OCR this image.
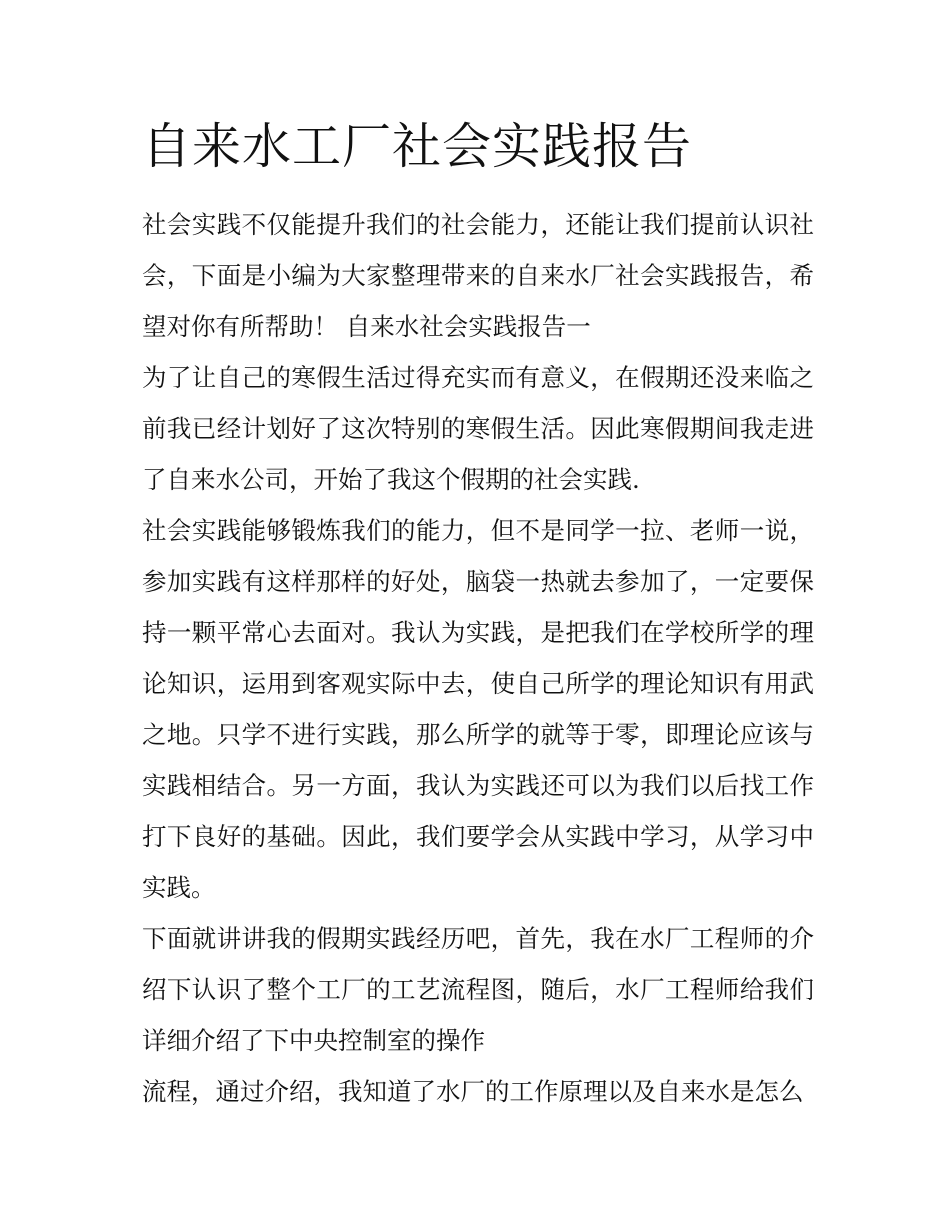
自来水工厂社会实践报告

社会实践不仅能提升我们的社会能力，还能让我们提前认识社会，下面是小编为大家整理带来的自来水厂社会实践报告，希望对你有所帮助！ 自来水社会实践报告一

为了让自己的寒假生活过得充实而有意义，在假期还没来临之前我已经计划好了这次特别的寒假生活。因此寒假期间我走进了自来水公司，开始了我这个假期的社会实践.

社会实践能够锻炼我们的能力，但不是同学一拉、老师一说，参加实践有这样那样的好处，脑袋一热就去参加了，一定要保持一颗平常心去面对。我认为实践，是把我们在学校所学的理论知识，运用到客观实际中去，使自己所学的理论知识有用武之地。只学不进行实践，那么所学的就等于零，即理论应该与实践相结合。另一方面，我认为实践还可以为我们以后找工作打下良好的基础。因此，我们要学会从实践中学习，从学习中实践。

下面就讲讲我的假期实践经历吧，首先，我在水厂工程师的介绍下认识了整个工厂的工艺流程图，随后，水厂工程师给我们详细介绍了下中央控制室的操作

流程，通过介绍，我知道了水厂的工作原理以及自来水是怎么
